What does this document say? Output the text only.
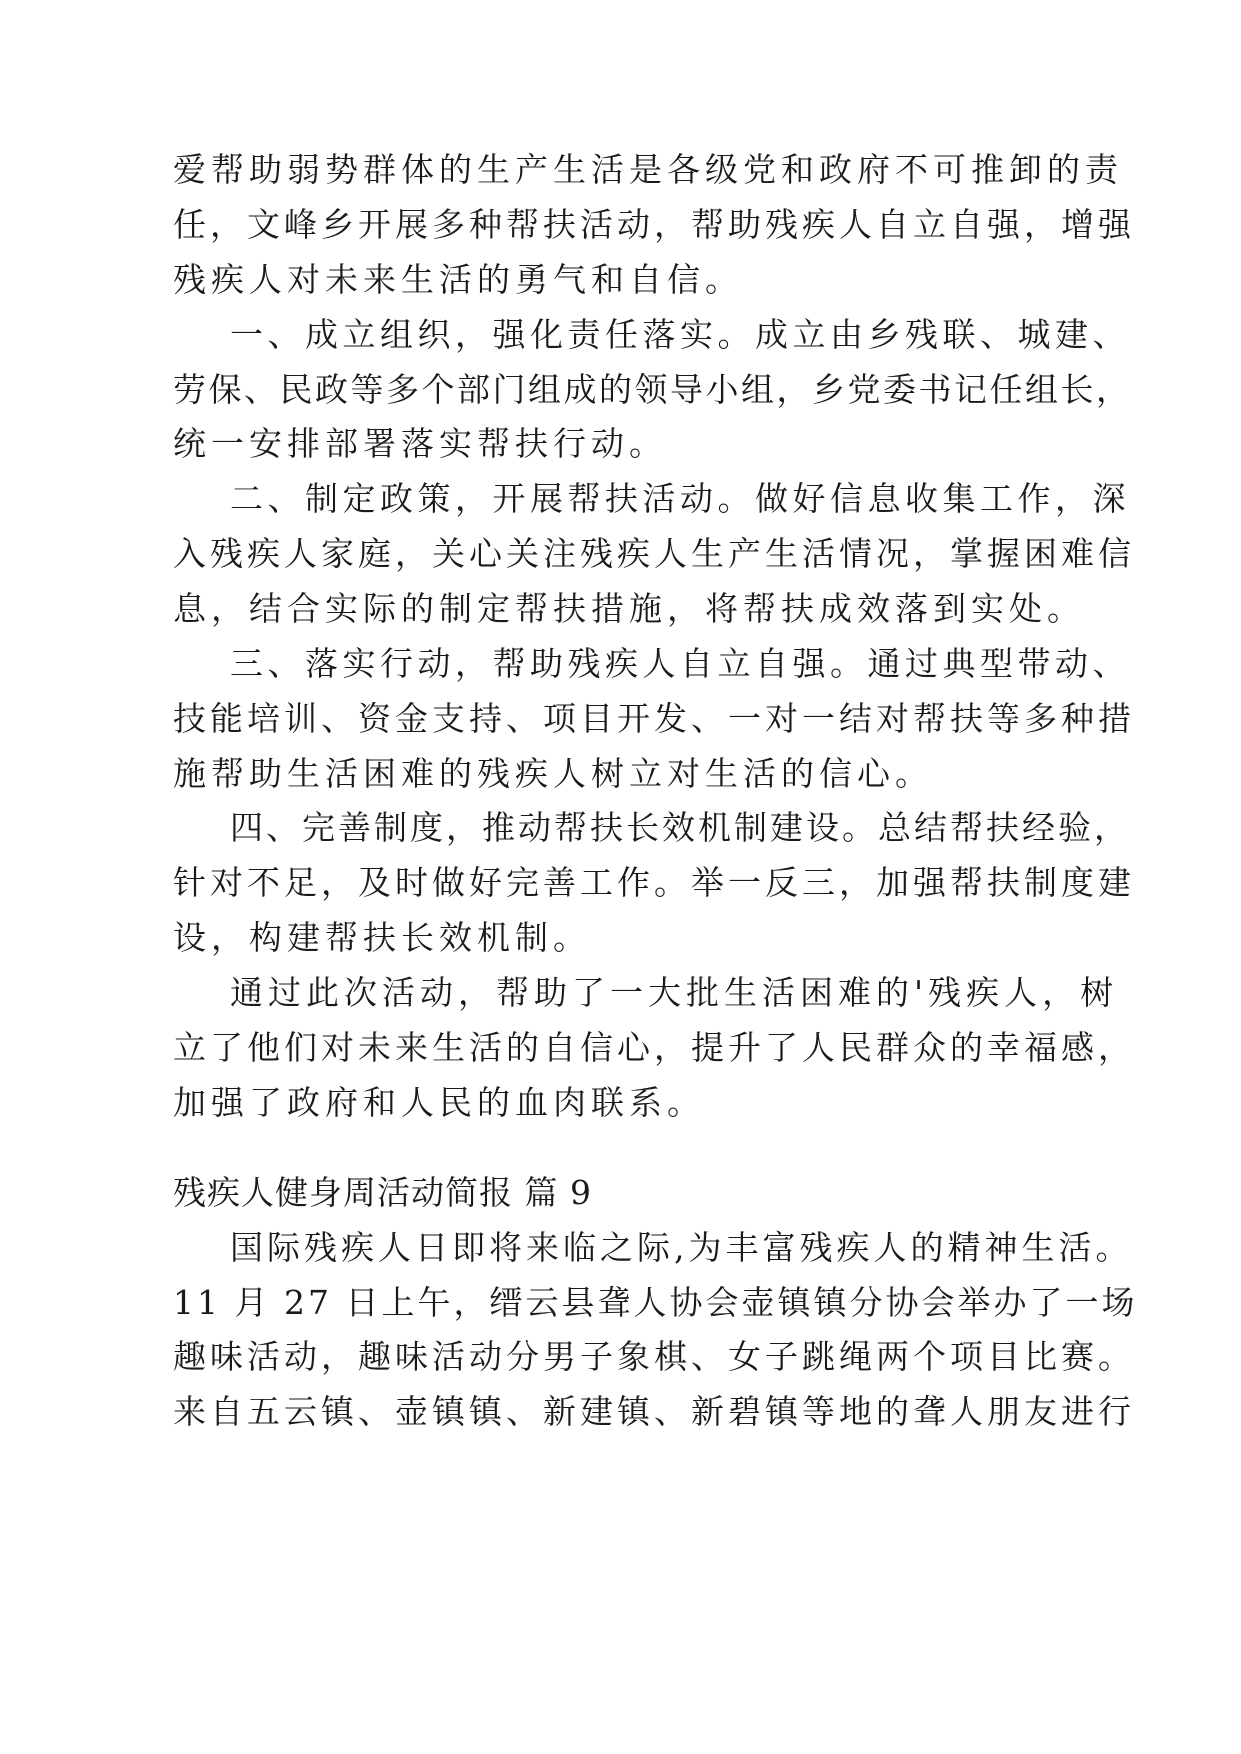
爱帮助弱势群体的生产生活是各级党和政府不可推卸的责
任，文峰乡开展多种帮扶活动，帮助残疾人自立自强，增强
残疾人对未来生活的勇气和自信。
一、成立组织，强化责任落实。成立由乡残联、城建、
劳保、民政等多个部门组成的领导小组，乡党委书记任组长，
统一安排部署落实帮扶行动。
二、制定政策，开展帮扶活动。做好信息收集工作，深
入残疾人家庭，关心关注残疾人生产生活情况，掌握困难信
息，结合实际的制定帮扶措施，将帮扶成效落到实处。
三、落实行动，帮助残疾人自立自强。通过典型带动、
技能培训、资金支持、项目开发、一对一结对帮扶等多种措
施帮助生活困难的残疾人树立对生活的信心。
四、完善制度，推动帮扶长效机制建设。总结帮扶经验，
针对不足，及时做好完善工作。举一反三，加强帮扶制度建
设，构建帮扶长效机制。
通过此次活动，帮助了一大批生活困难的'残疾人，树
立了他们对未来生活的自信心，提升了人民群众的幸福感，
加强了政府和人民的血肉联系。
残疾人健身周活动简报 篇 9
国际残疾人日即将来临之际,为丰富残疾人的精神生活。
11 月 27 日上午，缙云县聋人协会壶镇镇分协会举办了一场
趣味活动，趣味活动分男子象棋、女子跳绳两个项目比赛。
来自五云镇、壶镇镇、新建镇、新碧镇等地的聋人朋友进行
